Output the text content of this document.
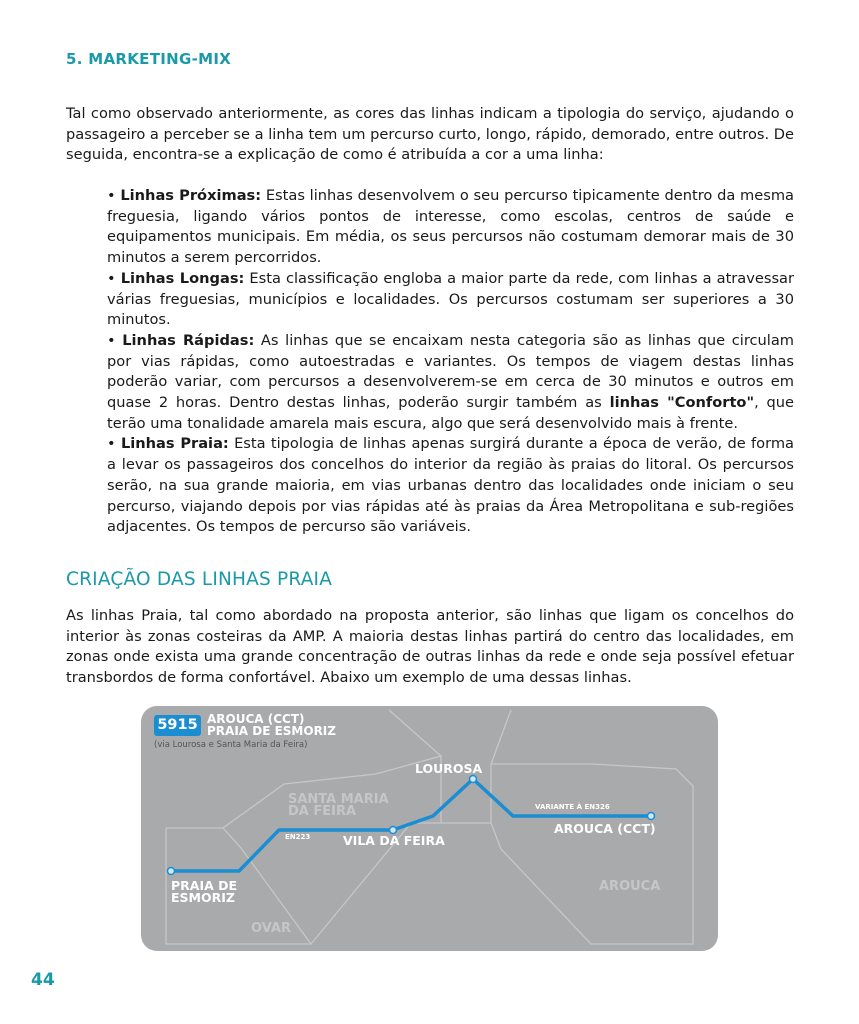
5. MARKETING-MIX

Tal como observado anteriormente, as cores das linhas indicam a tipologia do serviço, ajudando o passageiro a perceber se a linha tem um percurso curto, longo, rápido, demorado, entre outros. De seguida, encontra-se a explicação de como é atribuída a cor a uma linha:

• Linhas Próximas: Estas linhas desenvolvem o seu percurso tipicamente dentro da mesma freguesia, ligando vários pontos de interesse, como escolas, centros de saúde e equipamentos municipais. Em média, os seus percursos não costumam demorar mais de 30 minutos a serem percorridos.
• Linhas Longas: Esta classificação engloba a maior parte da rede, com linhas a atravessar várias freguesias, municípios e localidades. Os percursos costumam ser superiores a 30 minutos.
• Linhas Rápidas: As linhas que se encaixam nesta categoria são as linhas que circulam por vias rápidas, como autoestradas e variantes. Os tempos de viagem destas linhas poderão variar, com percursos a desenvolverem-se em cerca de 30 minutos e outros em quase 2 horas. Dentro destas linhas, poderão surgir também as linhas "Conforto", que terão uma tonalidade amarela mais escura, algo que será desenvolvido mais à frente.
• Linhas Praia: Esta tipologia de linhas apenas surgirá durante a época de verão, de forma a levar os passageiros dos concelhos do interior da região às praias do litoral. Os percursos serão, na sua grande maioria, em vias urbanas dentro das localidades onde iniciam o seu percurso, viajando depois por vias rápidas até às praias da Área Metropolitana e sub-regiões adjacentes. Os tempos de percurso são variáveis.
CRIAÇÃO DAS LINHAS PRAIA

As linhas Praia, tal como abordado na proposta anterior, são linhas que ligam os concelhos do interior às zonas costeiras da AMP. A maioria destas linhas partirá do centro das localidades, em zonas onde exista uma grande concentração de outras linhas da rede e onde seja possível efetuar transbordos de forma confortável. Abaixo um exemplo de uma dessas linhas.

5915 AROUCA (CCT)
PRAIA DE ESMORIZ
(via Lourosa e Santa Maria da Feira)
LOUROSA
VILA DA FEIRA
AROUCA (CCT)
PRAIA DE
ESMORIZ
SANTA MARIA
DA FEIRA
OVAR
AROUCA
EN223
VARIANTE À EN326
44
